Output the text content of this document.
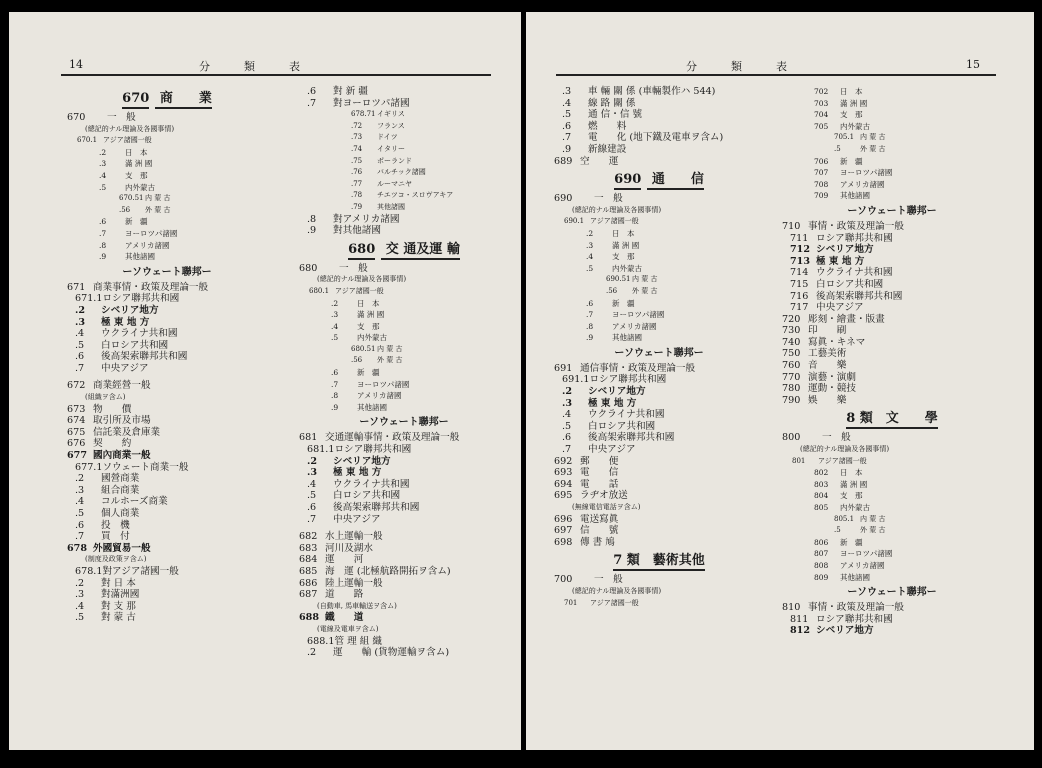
14	分　　類　　表
670 商　　業
670 一　般
(總記的ナル理論及各國事情)
670.1 アジア諸國一般
.2	日　本
.3	滿 洲 國
.4	支　那
.5	内外蒙古
670.51 内 蒙 古
.56 外 蒙 古
.6	新　疆
.7	ヨーロツパ諸國
.8	アメリカ諸國
.9	其他諸國
ーソウェート聯邦ー
671 商業事情・政策及理論一般
671.1ロシア聯邦共和國
.2 シベリア地方
.3 極 東 地 方
.4 ウクライナ共和國
.5 白ロシア共和國
.6 後高架索聯邦共和國
.7 中央アジア
672 商業經營一般
(組織ヲ含ム)
673 物　　價
674 取引所及市場
675 信託業及倉庫業
676 契　　約
677 國內商業一般
677.1ソウェート商業一般
.2 國營商業
.3 組合商業
.4 コルホーズ商業
.5 個人商業
.6 投　機
.7 買　付
678 外國貿易一般
(制度及政策ヲ含ム)
678.1對アジア諸國一般
.2 對 日 本
.3 對滿洲國
.4 對 支 那
.5 對 蒙 古
.6 對 新 疆
.7 對ヨーロツパ諸國
678.71 イギリス
.72 フランス
.73 ドイツ
.74 イタリー
.75 ポーランド
.76 バルチック諸國
.77 ルーマニヤ
.78 チエツコ・スロヴアキア
.79 其他諸國
.8 對アメリカ諸國
.9 對其他諸國
680 交 通及運 輸
680 一　般
(總記的ナル理論及各國事情)
680.1 アジア諸國一般
.2	日　本
.3	滿 洲 國
.4	支　那
.5	内外蒙古
680.51 内 蒙 古
.56 外 蒙 古
.6	新　疆
.7	ヨーロツパ諸國
.8	アメリカ諸國
.9	其他諸國
ーソウェート聯邦ー
681 交通運輸事情・政策及理論一般
681.1ロシア聯邦共和國
.2 シベリア地方
.3 極 東 地 方
.4 ウクライナ共和國
.5 白ロシア共和國
.6 後高架索聯邦共和國
.7 中央アジア
682 水上運輸一般
683 河川及湖水
684 運　　河
685 海　運 (北極航路開拓ヲ含ム)
686 陸上運輸一般
687 道　　路
(自動車, 馬車輸送ヲ含ム)
688 鐵　　道
(電線及電車ヲ含ム)
688.1管 理 組 織
.2 運　　輸 (貨物運輸ヲ含ム)
分　　類　　表	15
.3 車 輛 關 係 (車輛製作ハ 544)
.4 線 路 關 係
.5 通 信・信 號
.6 燃　　料
.7 電　　化 (地下鐵及電車ヲ含ム)
.9 新線建設
689 空　　運
690 通　　信
690 一　般
(總記的ナル理論及各國事情)
690.1 アジア諸國一般
.2	日　本
.3	滿 洲 國
.4	支　那
.5	内外蒙古
690.51 内 蒙 古
.56 外 蒙 古
.6	新　疆
.7	ヨーロツパ諸國
.8	アメリカ諸國
.9	其他諸國
ーソウェート聯邦ー
691 通信事情・政策及理論一般
691.1ロシア聯邦共和國
.2 シベリア地方
.3 極 東 地 方
.4 ウクライナ共和國
.5 白ロシア共和國
.6 後高架索聯邦共和國
.7 中央アジア
692 郵　　便
693 電　　信
694 電　　話
695 ラヂオ放送
(無線電信電話ヲ含ム)
696 電送寫眞
697 信　　號
698 傳 書 鳩
7 類　藝術其他
700 一　般
(總記的ナル理論及各國事情)
701 アジア諸國一般
702 日　本
703 滿 洲 國
704 支　那
705 内外蒙古
705.1 内 蒙 古
.5	外 蒙 古
706 新　疆
707 ヨーロツパ諸國
708 アメリカ諸國
709 其他諸國
ーソウェート聯邦ー
710 事情・政策及理論一般
711 ロシア聯邦共和國
712 シベリア地方
713 極 東 地 方
714 ウクライナ共和國
715 白ロシア共和國
716 後高架索聯邦共和國
717 中央アジア
720 彫刻・繪畫・版畫
730 印　　刷
740 寫眞・キネマ
750 工藝美術
760 音　　樂
770 演藝・演劇
780 運動・競技
790 娛　　樂
8 類　文　　學
800 一　般
(總記的ナル理論及各國事情)
801 アジア諸國一般
802 日　本
803 滿 洲 國
804 支　那
805 内外蒙古
805.1 内 蒙 古
.5	外 蒙 古
806 新　疆
807 ヨーロツパ諸國
808 アメリカ諸國
809 其他諸國
ーソウェート聯邦ー
810 事情・政策及理論一般
811 ロシア聯邦共和國
812 シベリア地方
